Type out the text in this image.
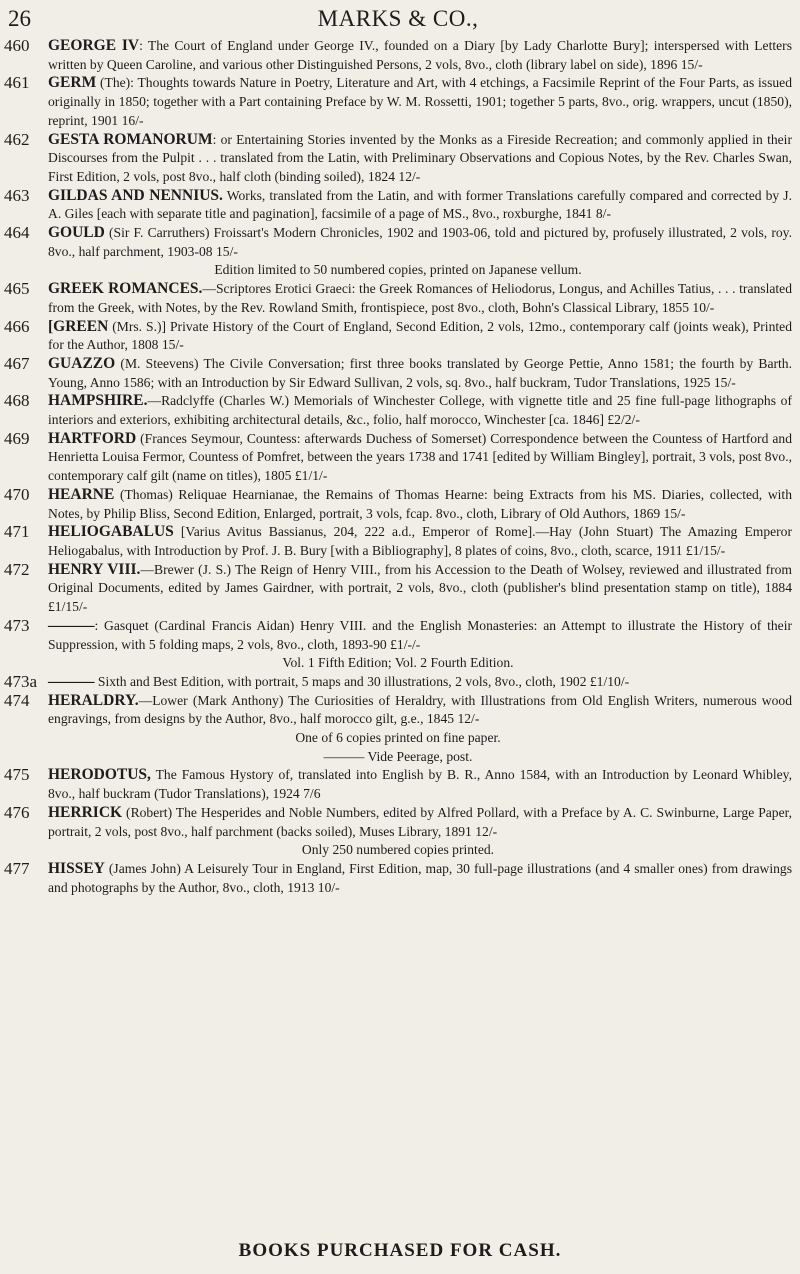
26	MARKS & CO.,
460	GEORGE IV: The Court of England under George IV., founded on a Diary [by Lady Charlotte Bury]; interspersed with Letters written by Queen Caroline, and various other Distinguished Persons, 2 vols, 8vo., cloth (library label on side), 1896 15/-
461	GERM (The): Thoughts towards Nature in Poetry, Literature and Art, with 4 etchings, a Facsimile Reprint of the Four Parts, as issued originally in 1850; together with a Part containing Preface by W. M. Rossetti, 1901; together 5 parts, 8vo., orig. wrappers, uncut (1850), reprint, 1901 16/-
462	GESTA ROMANORUM: or Entertaining Stories invented by the Monks as a Fireside Recreation; and commonly applied in their Discourses from the Pulpit . . . translated from the Latin, with Preliminary Observations and Copious Notes, by the Rev. Charles Swan, First Edition, 2 vols, post 8vo., half cloth (binding soiled), 1824 12/-
463	GILDAS AND NENNIUS. Works, translated from the Latin, and with former Translations carefully compared and corrected by J. A. Giles [each with separate title and pagination], facsimile of a page of MS., 8vo., roxburghe, 1841 8/-
464	GOULD (Sir F. Carruthers) Froissart's Modern Chronicles, 1902 and 1903-06, told and pictured by, profusely illustrated, 2 vols, roy. 8vo., half parchment, 1903-08 15/-
Edition limited to 50 numbered copies, printed on Japanese vellum.
465	GREEK ROMANCES.—Scriptores Erotici Graeci: the Greek Romances of Heliodorus, Longus, and Achilles Tatius, . . . translated from the Greek, with Notes, by the Rev. Rowland Smith, frontispiece, post 8vo., cloth, Bohn's Classical Library, 1855 10/-
466	[GREEN (Mrs. S.)] Private History of the Court of England, Second Edition, 2 vols, 12mo., contemporary calf (joints weak), Printed for the Author, 1808 15/-
467	GUAZZO (M. Steevens) The Civile Conversation; first three books translated by George Pettie, Anno 1581; the fourth by Barth. Young, Anno 1586; with an Introduction by Sir Edward Sullivan, 2 vols, sq. 8vo., half buckram, Tudor Translations, 1925 15/-
468	HAMPSHIRE.—Radclyffe (Charles W.) Memorials of Winchester College, with vignette title and 25 fine full-page lithographs of interiors and exteriors, exhibiting architectural details, &c., folio, half morocco, Winchester [ca. 1846] £2/2/-
469	HARTFORD (Frances Seymour, Countess: afterwards Duchess of Somerset) Correspondence between the Countess of Hartford and Henrietta Louisa Fermor, Countess of Pomfret, between the years 1738 and 1741 [edited by William Bingley], portrait, 3 vols, post 8vo., contemporary calf gilt (name on titles), 1805 £1/1/-
470	HEARNE (Thomas) Reliquae Hearnianae, the Remains of Thomas Hearne: being Extracts from his MS. Diaries, collected, with Notes, by Philip Bliss, Second Edition, Enlarged, portrait, 3 vols, fcap. 8vo., cloth, Library of Old Authors, 1869 15/-
471	HELIOGABALUS [Varius Avitus Bassianus, 204, 222 a.d., Emperor of Rome].—Hay (John Stuart) The Amazing Emperor Heliogabalus, with Introduction by Prof. J. B. Bury [with a Bibliography], 8 plates of coins, 8vo., cloth, scarce, 1911 £1/15/-
472	HENRY VIII.—Brewer (J. S.) The Reign of Henry VIII., from his Accession to the Death of Wolsey, reviewed and illustrated from Original Documents, edited by James Gairdner, with portrait, 2 vols, 8vo., cloth (publisher's blind presentation stamp on title), 1884 £1/15/-
473	———: Gasquet (Cardinal Francis Aidan) Henry VIII. and the English Monasteries: an Attempt to illustrate the History of their Suppression, with 5 folding maps, 2 vols, 8vo., cloth, 1893-90 £1/-/-
Vol. 1 Fifth Edition; Vol. 2 Fourth Edition.
473a ——— Sixth and Best Edition, with portrait, 5 maps and 30 illustrations, 2 vols, 8vo., cloth, 1902 £1/10/-
474	HERALDRY.—Lower (Mark Anthony) The Curiosities of Heraldry, with Illustrations from Old English Writers, numerous wood engravings, from designs by the Author, 8vo., half morocco gilt, g.e., 1845 12/-
One of 6 copies printed on fine paper.
——— Vide Peerage, post.
475	HERODOTUS, The Famous Hystory of, translated into English by B. R., Anno 1584, with an Introduction by Leonard Whibley, 8vo., half buckram (Tudor Translations), 1924 7/6
476	HERRICK (Robert) The Hesperides and Noble Numbers, edited by Alfred Pollard, with a Preface by A. C. Swinburne, Large Paper, portrait, 2 vols, post 8vo., half parchment (backs soiled), Muses Library, 1891 12/-
Only 250 numbered copies printed.
477	HISSEY (James John) A Leisurely Tour in England, First Edition, map, 30 full-page illustrations (and 4 smaller ones) from drawings and photographs by the Author, 8vo., cloth, 1913 10/-
BOOKS PURCHASED FOR CASH.
